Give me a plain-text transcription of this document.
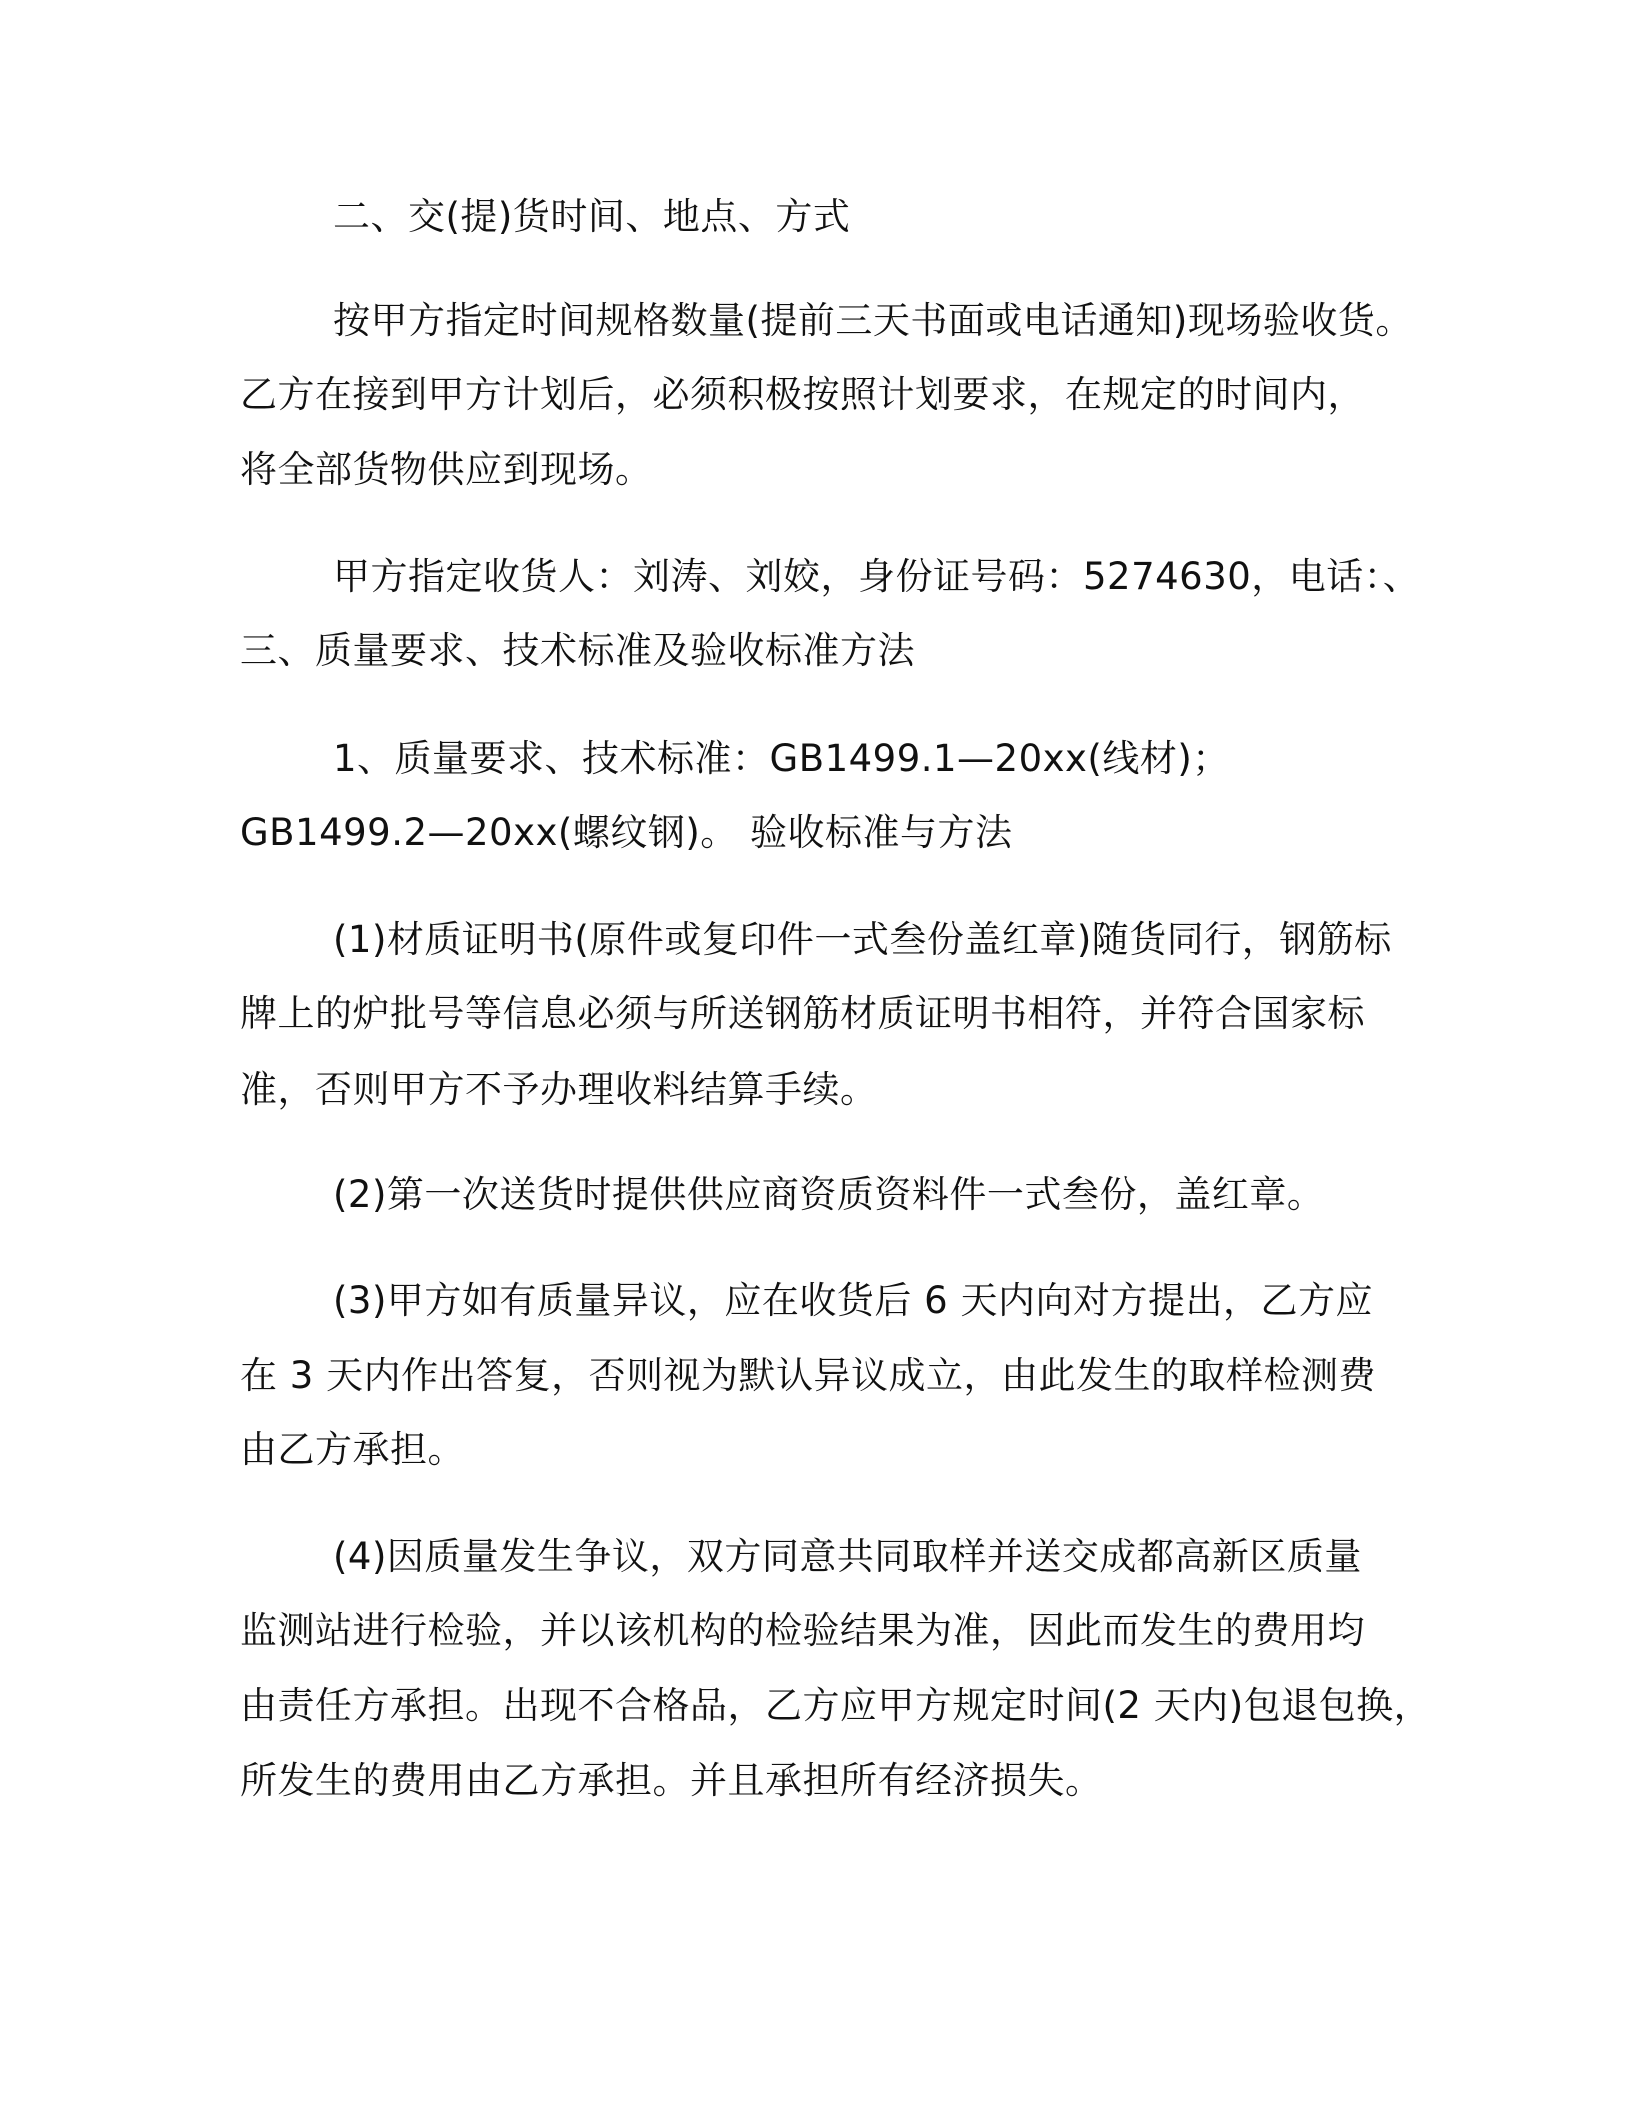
二、交(提)货时间、地点、方式
按甲方指定时间规格数量(提前三天书面或电话通知)现场验收货。
乙方在接到甲方计划后，必须积极按照计划要求，在规定的时间内，
将全部货物供应到现场。
甲方指定收货人：刘涛、刘姣，身份证号码：5274630，电话：、
三、质量要求、技术标准及验收标准方法
1、质量要求、技术标准：GB1499.1—20xx(线材)；
GB1499.2—20xx(螺纹钢)。 验收标准与方法
(1)材质证明书(原件或复印件一式叁份盖红章)随货同行，钢筋标
牌上的炉批号等信息必须与所送钢筋材质证明书相符，并符合国家标
准，否则甲方不予办理收料结算手续。
(2)第一次送货时提供供应商资质资料件一式叁份，盖红章。
(3)甲方如有质量异议，应在收货后 6 天内向对方提出，乙方应
在 3 天内作出答复，否则视为默认异议成立，由此发生的取样检测费
由乙方承担。
(4)因质量发生争议，双方同意共同取样并送交成都高新区质量
监测站进行检验，并以该机构的检验结果为准，因此而发生的费用均
由责任方承担。出现不合格品，乙方应甲方规定时间(2 天内)包退包换，
所发生的费用由乙方承担。并且承担所有经济损失。
